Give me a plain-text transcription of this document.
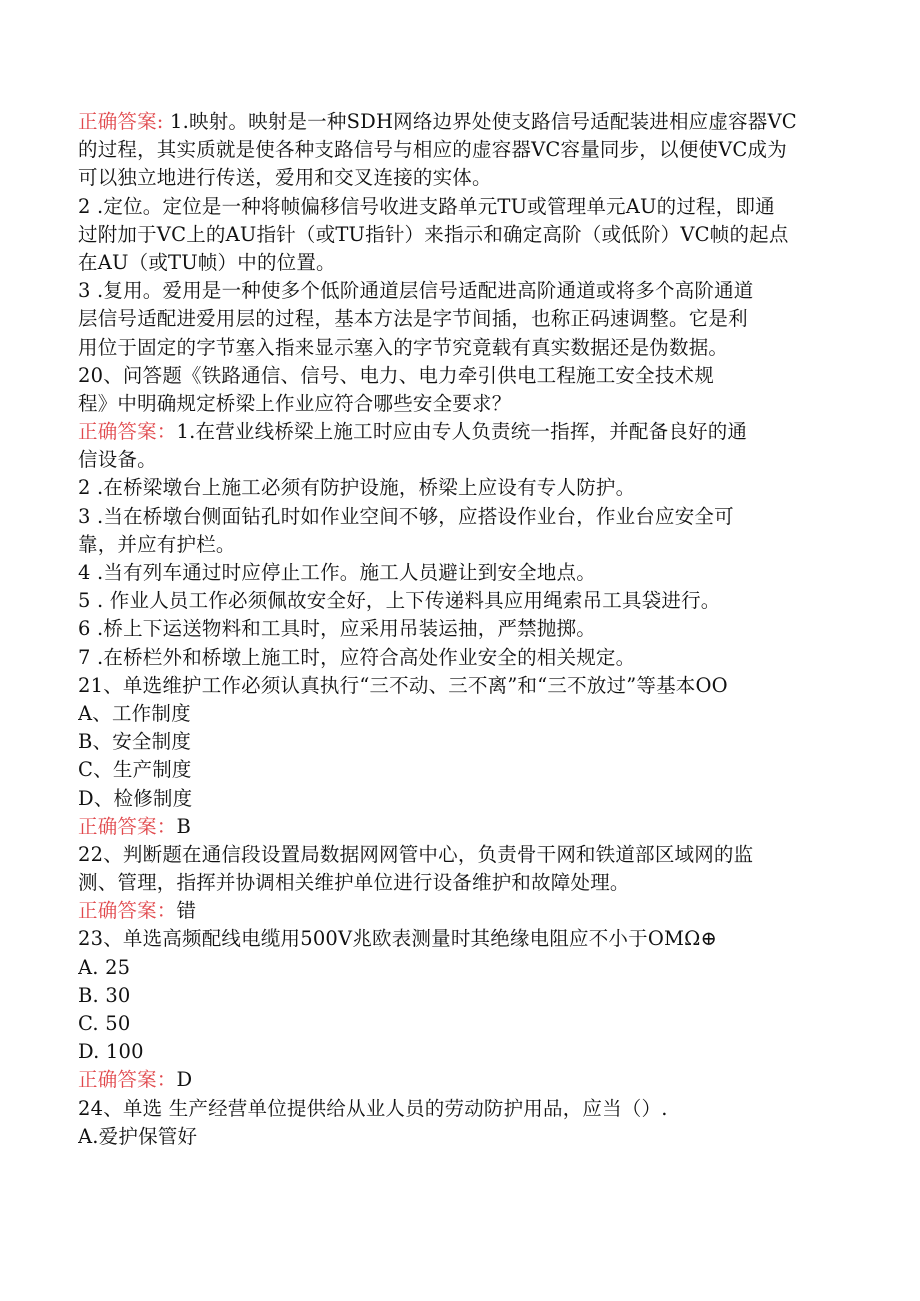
正确答案: 1.映射。映射是一种SDH网络边界处使支路信号适配装进相应虚容器VC
的过程，其实质就是使各种支路信号与相应的虚容器VC容量同步，以便使VC成为
可以独立地进行传送，爱用和交叉连接的实体。
2 .定位。定位是一种将帧偏移信号收进支路单元TU或管理单元AU的过程，即通
过附加于VC上的AU指针（或TU指针）来指示和确定高阶（或低阶）VC帧的起点
在AU（或TU帧）中的位置。
3 .复用。爱用是一种使多个低阶通道层信号适配进高阶通道或将多个高阶通道
层信号适配进爱用层的过程，基本方法是字节间插，也称正码速调整。它是利
用位于固定的字节塞入指来显示塞入的字节究竟载有真实数据还是伪数据。
20、问答题《铁路通信、信号、电力、电力牵引供电工程施工安全技术规
程》中明确规定桥梁上作业应符合哪些安全要求？
正确答案：1.在营业线桥梁上施工时应由专人负责统一指挥，并配备良好的通
信设备。
2 .在桥梁墩台上施工必须有防护设施，桥梁上应设有专人防护。
3 .当在桥墩台侧面钻孔时如作业空间不够，应搭设作业台，作业台应安全可
靠，并应有护栏。
4 .当有列车通过时应停止工作。施工人员避让到安全地点。
5 . 作业人员工作必须佩故安全好，上下传递料具应用绳索吊工具袋进行。
6 .桥上下运送物料和工具时，应采用吊装运抽，严禁抛掷。
7 .在桥栏外和桥墩上施工时，应符合高处作业安全的相关规定。
21、单选维护工作必须认真执行“三不动、三不离”和“三不放过”等基本OO
A、工作制度
B、安全制度
C、生产制度
D、检修制度
正确答案：B
22、判断题在通信段设置局数据网网管中心，负责骨干网和铁道部区域网的监
测、管理，指挥并协调相关维护单位进行设备维护和故障处理。
正确答案：错
23、单选高频配线电缆用500V兆欧表测量时其绝缘电阻应不小于OMΩ⊕
A. 25
B. 30
C. 50
D. 100
正确答案：D
24、单选 生产经营单位提供给从业人员的劳动防护用品，应当（）.
A.爱护保管好
